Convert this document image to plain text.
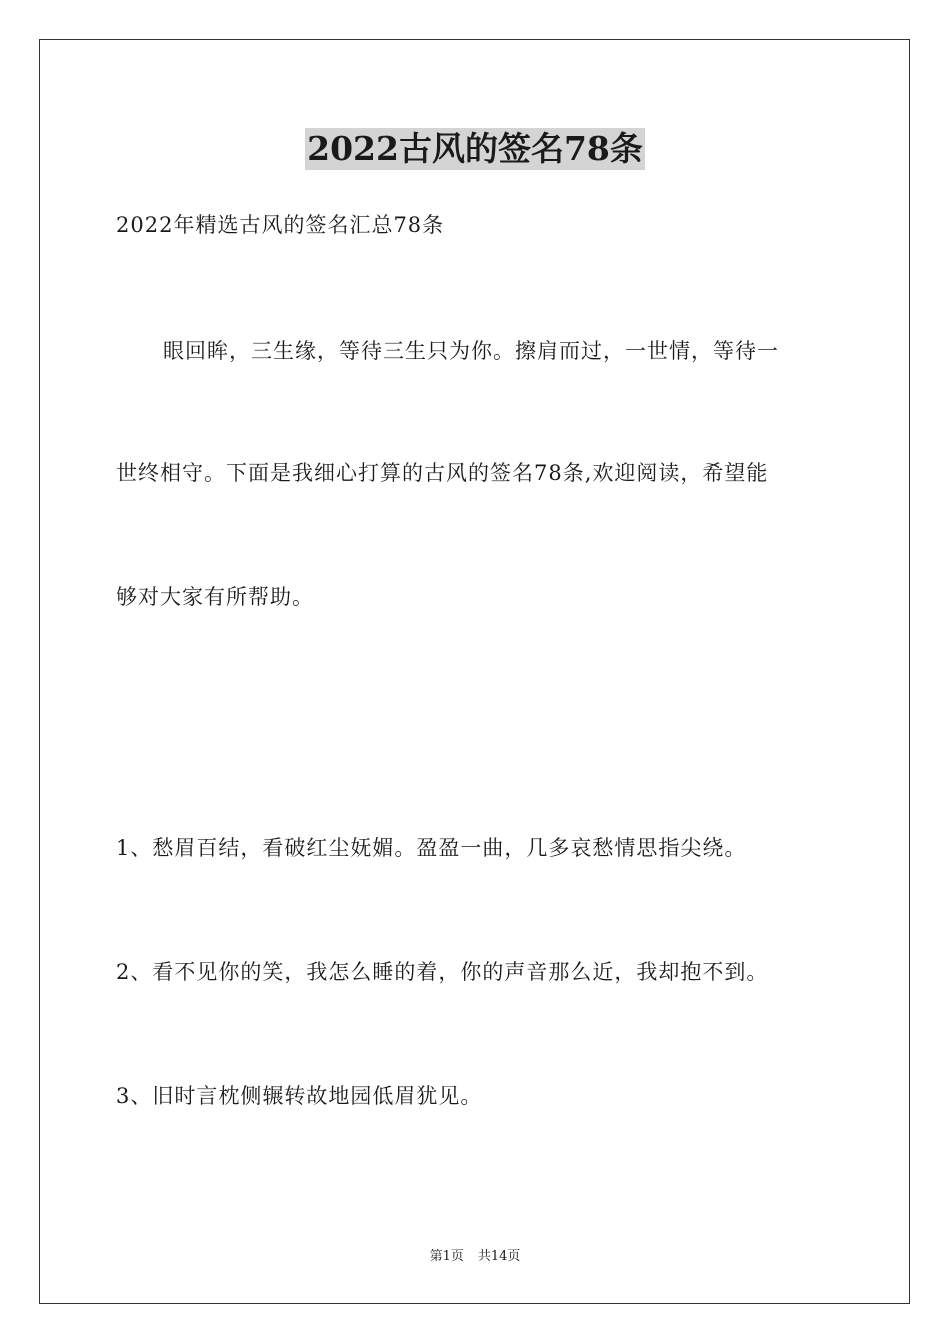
2022古风的签名78条
2022年精选古风的签名汇总78条
眼回眸，三生缘，等待三生只为你。擦肩而过，一世情，等待一
世终相守。下面是我细心打算的古风的签名78条,欢迎阅读，希望能
够对大家有所帮助。
1、愁眉百结，看破红尘妩媚。盈盈一曲，几多哀愁情思指尖绕。
2、看不见你的笑，我怎么睡的着，你的声音那么近，我却抱不到。
3、旧时言枕侧辗转故地园低眉犹见。
第1页 共14页
